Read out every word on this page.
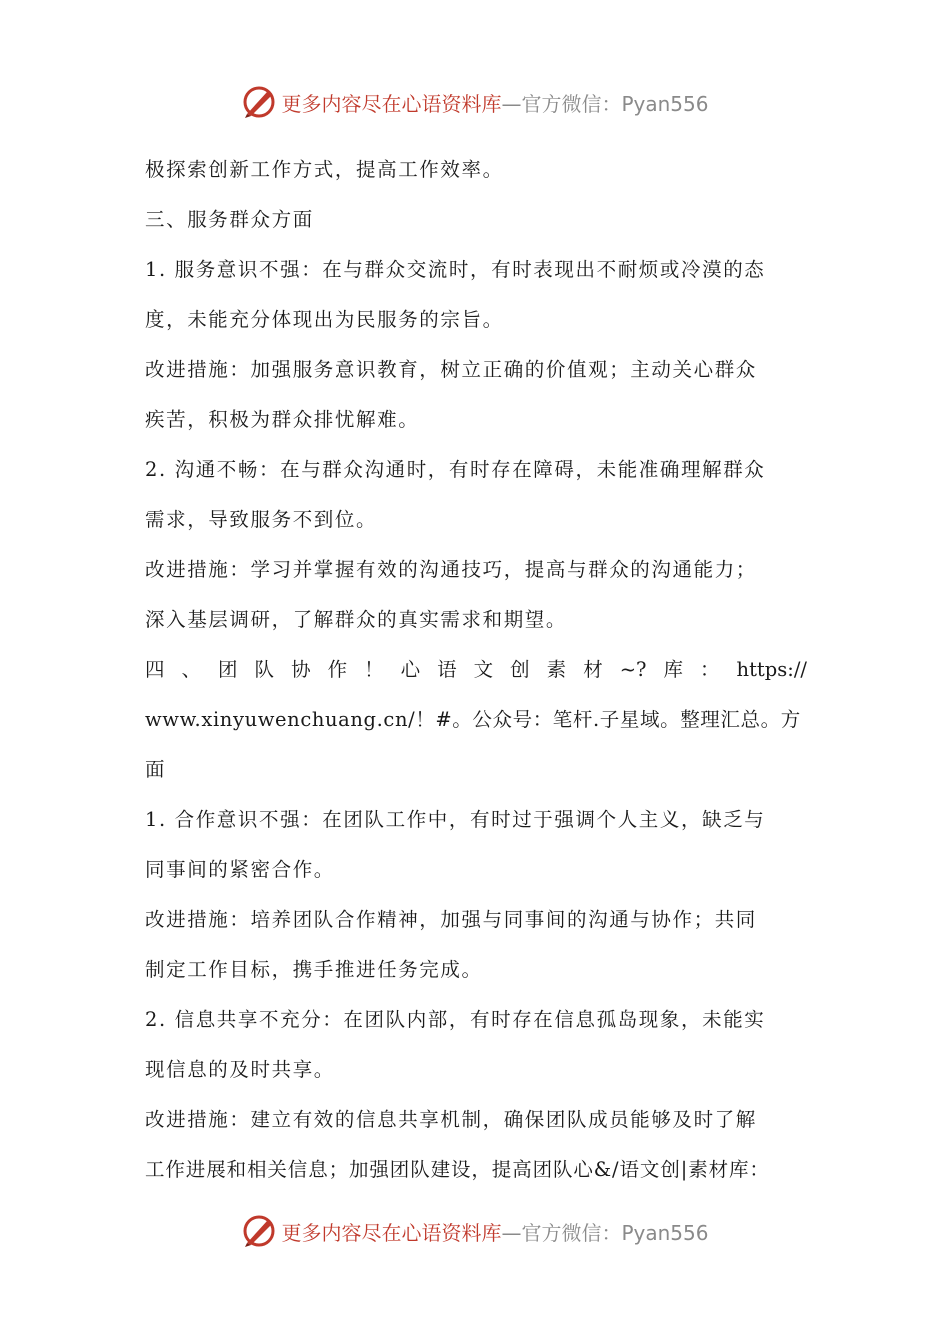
更多内容尽在心语资料库 —官方微信：Pyan556
极探索创新工作方式，提高工作效率。
三、服务群众方面
1. 服务意识不强：在与群众交流时，有时表现出不耐烦或冷漠的态
度，未能充分体现出为民服务的宗旨。
改进措施：加强服务意识教育，树立正确的价值观；主动关心群众
疾苦，积极为群众排忧解难。
2. 沟通不畅：在与群众沟通时，有时存在障碍，未能准确理解群众
需求，导致服务不到位。
改进措施：学习并掌握有效的沟通技巧，提高与群众的沟通能力；
深入基层调研，了解群众的真实需求和期望。
四 、 团 队 协 作 ！ 心 语 文 创 素 材 ~? 库 ： https://
www.xinyuwenchuang.cn/！#。公众号：笔杆.子星域。整理汇总。方
面
1. 合作意识不强：在团队工作中，有时过于强调个人主义，缺乏与
同事间的紧密合作。
改进措施：培养团队合作精神，加强与同事间的沟通与协作；共同
制定工作目标，携手推进任务完成。
2. 信息共享不充分：在团队内部，有时存在信息孤岛现象，未能实
现信息的及时共享。
改进措施：建立有效的信息共享机制，确保团队成员能够及时了解
工作进展和相关信息；加强团队建设，提高团队心&/语文创|素材库：
更多内容尽在心语资料库 —官方微信：Pyan556
